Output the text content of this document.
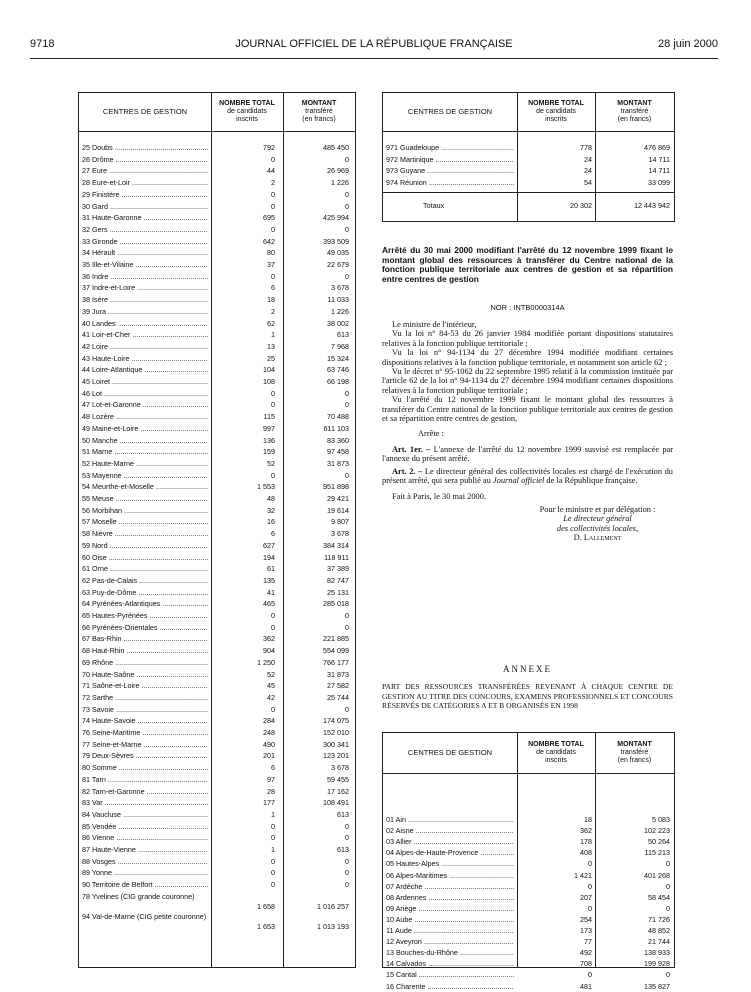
9718	JOURNAL OFFICIEL DE LA RÉPUBLIQUE FRANÇAISE	28 juin 2000
CENTRES DE GESTION
NOMBRE TOTAL
de candidats
inscrits
MONTANT
transféré
(en francs)
25 Doubs .....	792	485 450
26 Drôme .....	0	0
27 Eure .....	44	26 969
28 Eure-et-Loir .....	2	1 226
29 Finistère .....	0	0
30 Gard .....	0	0
31 Haute-Garonne .....	695	425 994
32 Gers .....	0	0
33 Gironde .....	642	393 509
34 Hérault .....	80	49 035
35 Ille-et-Vilaine .....	37	22 679
36 Indre .....	0	0
37 Indre-et-Loire .....	6	3 678
38 Isère .....	18	11 033
39 Jura .....	2	1 226
40 Landes .....	62	38 002
41 Loir-et-Cher .....	1	613
42 Loire .....	13	7 968
43 Haute-Loire .....	25	15 324
44 Loire-Atlantique .....	104	63 746
45 Loiret .....	108	66 198
46 Lot .....	0	0
47 Lot-et-Garonne .....	0	0
48 Lozère .....	115	70 488
49 Maine-et-Loire .....	997	611 103
50 Manche .....	136	83 360
51 Marne .....	159	97 458
52 Haute-Marne .....	52	31 873
53 Mayenne .....	0	0
54 Meurthe-et-Moselle .....	1 553	951 898
55 Meuse .....	48	29 421
56 Morbihan .....	32	19 614
57 Moselle .....	16	9 807
58 Nièvre .....	6	3 678
59 Nord .....	627	384 314
60 Oise .....	194	118 911
61 Orne .....	61	37 389
62 Pas-de-Calais .....	135	82 747
63 Puy-de-Dôme .....	41	25 131
64 Pyrénées-Atlantiques .....	465	285 018
65 Hautes-Pyrénées .....	0	0
66 Pyrénées-Orientales .....	0	0
67 Bas-Rhin .....	362	221 885
68 Haut-Rhin .....	904	554 099
69 Rhône .....	1 250	766 177
70 Haute-Saône .....	52	31 873
71 Saône-et-Loire .....	45	27 582
72 Sarthe .....	42	25 744
73 Savoie .....	0	0
74 Haute-Savoie .....	284	174 075
76 Seine-Maritime .....	248	152 010
77 Seine-et-Marne .....	490	300 341
79 Deux-Sèvres .....	201	123 201
80 Somme .....	6	3 678
81 Tarn .....	97	59 455
82 Tarn-et-Garonne .....	28	17 162
83 Var .....	177	108 491
84 Vaucluse .....	1	613
85 Vendée .....	0	0
86 Vienne .....	0	0
87 Haute-Vienne .....	1	613
88 Vosges .....	0	0
89 Yonne .....	0	0
90 Territoire de Belfort .....	0	0
78 Yvelines (CIG grande couronne)
1 658	1 016 257
94 Val-de-Marne (CIG petite couronne)
1 653	1 013 193
CENTRES DE GESTION
NOMBRE TOTAL
de candidats
inscrits
MONTANT
transféré
(en francs)
971 Guadeloupe .....	778	476 869
972 Martinique .....	24	14 711
973 Guyane .....	24	14 711
974 Réunion .....	54	33 099
Totaux	20 302	12 443 942
Arrêté du 30 mai 2000 modifiant l'arrêté du 12 novembre 1999 fixant le montant global des ressources à transférer du Centre national de la fonction publique territoriale aux centres de gestion et sa répartition entre centres de gestion
NOR : INTB0000314A

Le ministre de l'intérieur,

Vu la loi n° 84-53 du 26 janvier 1984 modifiée portant dispositions statutaires relatives à la fonction publique territoriale ;

Vu la loi n° 94-1134 du 27 décembre 1994 modifiée modifiant certaines dispositions relatives à la fonction publique territoriale, et notamment son article 62 ;

Vu le décret n° 95-1062 du 22 septembre 1995 relatif à la commission instituée par l'article 62 de la loi n° 94-1134 du 27 décembre 1994 modifiant certaines dispositions relatives à la fonction publique territoriale ;

Vu l'arrêté du 12 novembre 1999 fixant le montant global des ressources à transférer du Centre national de la fonction publique territoriale aux centres de gestion et sa répartition entre centres de gestion,

Arrête :

Art. 1er. – L'annexe de l'arrêté du 12 novembre 1999 susvisé est remplacée par l'annexe du présent arrêté.

Art. 2. – Le directeur général des collectivités locales est chargé de l'exécution du présent arrêté, qui sera publié au Journal officiel de la République française.

Fait à Paris, le 30 mai 2000.

Pour le ministre et par délégation :
Le directeur général
des collectivités locales,
D. Lallement
ANNEXE
PART DES RESSOURCES TRANSFÉRÉES REVENANT À CHAQUE CENTRE DE GESTION AU TITRE DES CONCOURS, EXAMENS PROFESSIONNELS ET CONCOURS RÉSERVÉS DE CATÉGORIES A ET B ORGANISÉS EN 1998
CENTRES DE GESTION
NOMBRE TOTAL
de candidats
inscrits
MONTANT
transféré
(en francs)
01 Ain .....	18	5 083
02 Aisne .....	362	102 223
03 Allier .....	178	50 264
04 Alpes-de-Haute-Provence .....	408	115 213
05 Hautes-Alpes .....	0	0
06 Alpes-Maritimes .....	1 421	401 268
07 Ardèche .....	0	0
08 Ardennes .....	207	58 454
09 Ariège .....	0	0
10 Aube .....	254	71 726
11 Aude .....	173	48 852
12 Aveyron .....	77	21 744
13 Bouches-du-Rhône .....	492	138 933
14 Calvados .....	708	199 928
15 Cantal .....	0	0
16 Charente .....	481	135 827
